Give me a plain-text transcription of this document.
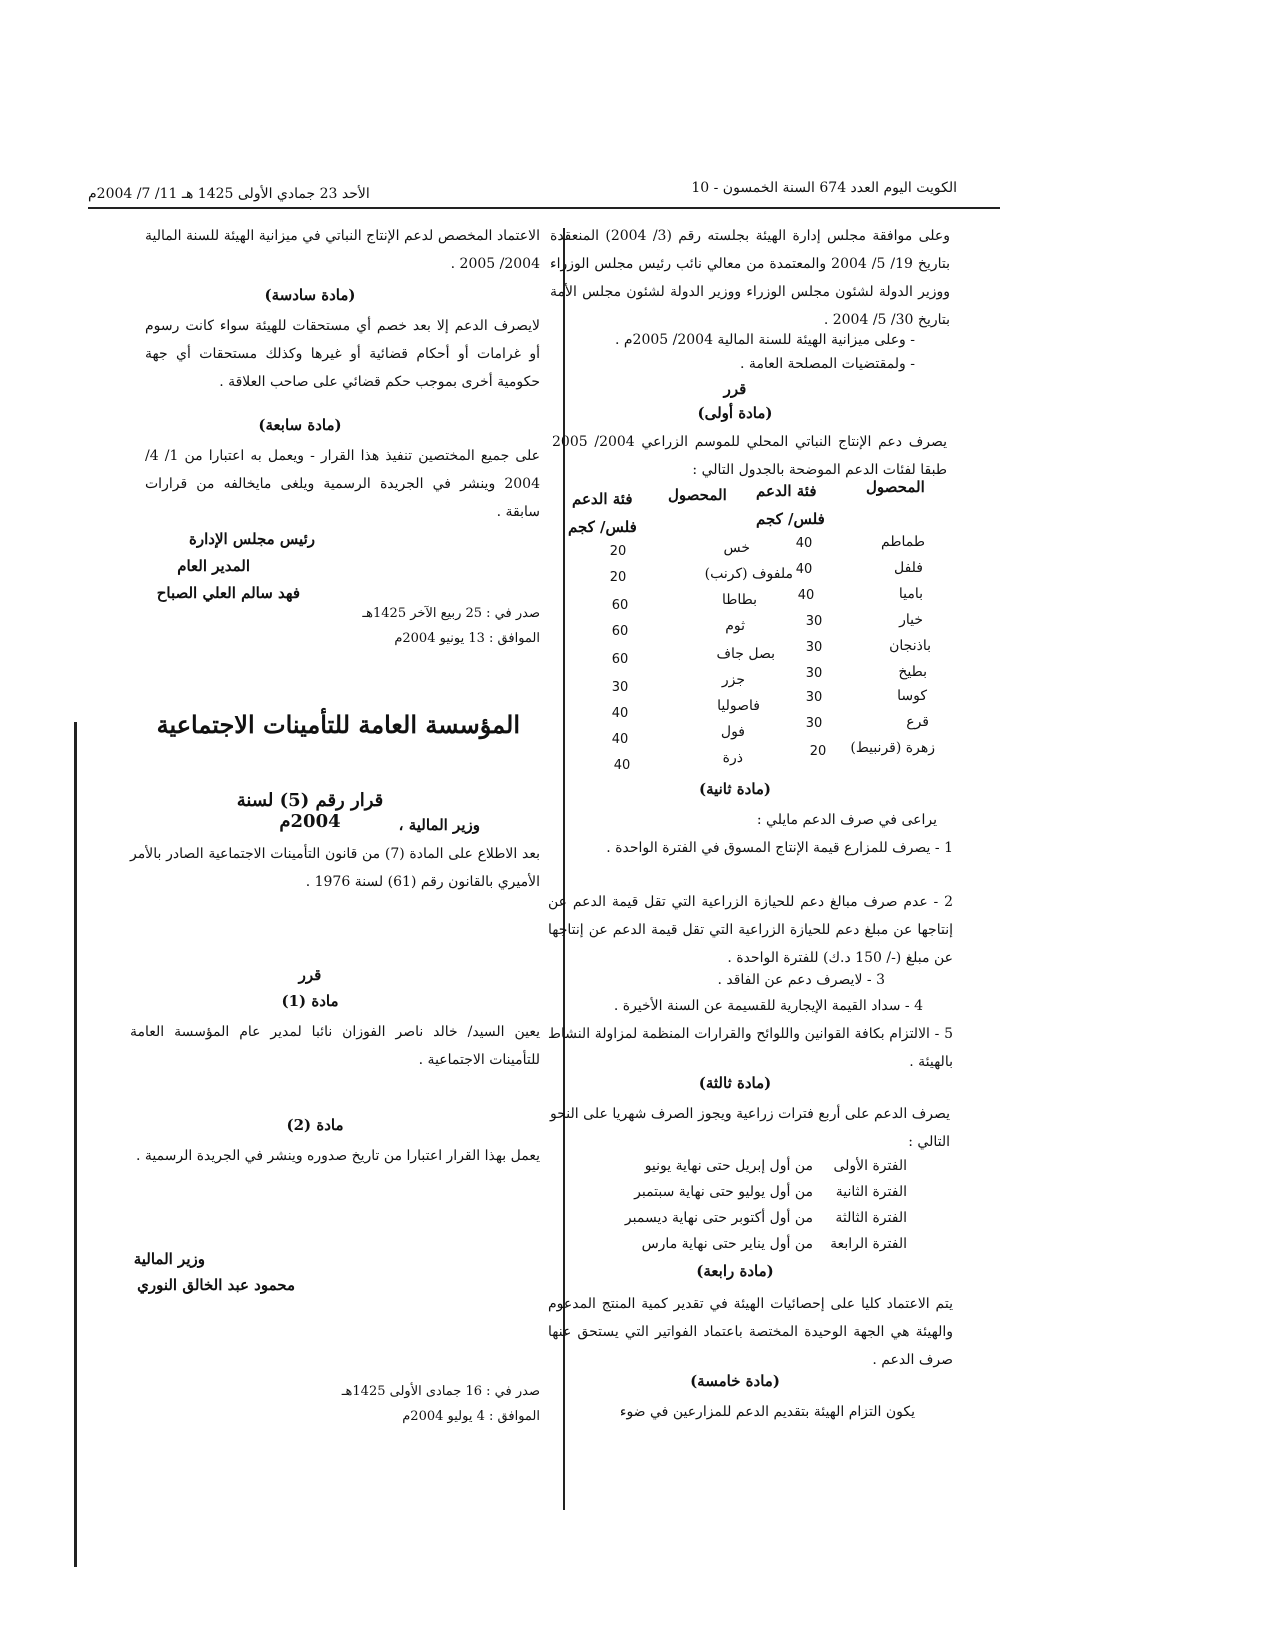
الكويت اليوم العدد 674 السنة الخمسون - 10
الأحد 23 جمادي الأولى 1425 هـ 11/ 7/ 2004م
وعلى موافقة مجلس إدارة الهيئة بجلسته رقم (3/ 2004) المنعقدة بتاريخ 19/ 5/ 2004 والمعتمدة من معالي نائب رئيس مجلس الوزراء ووزير الدولة لشئون مجلس الوزراء ووزير الدولة لشئون مجلس الأمة بتاريخ 30/ 5/ 2004 .
- وعلى ميزانية الهيئة للسنة المالية 2004/ 2005م .
- ولمقتضيات المصلحة العامة .
قرر
(مادة أولى)
يصرف دعم الإنتاج النباتي المحلي للموسم الزراعي 2004/ 2005 طبقا لفئات الدعم الموضحة بالجدول التالي :
المحصول
فئة الدعم
فلس/ كجم
المحصول
فئة الدعم
فلس/ كجم
طماطم
40
فلفل
40
باميا
40
خيار
30
باذنجان
30
بطيخ
30
كوسا
30
قرع
30
زهرة (قرنبيط)
20
خس
20
ملفوف (كرنب)
20
بطاطا
60
ثوم
60
بصل جاف
60
جزر
30
فاصوليا
40
فول
40
ذرة
40
(مادة ثانية)
يراعى في صرف الدعم مايلي :
1 - يصرف للمزارع قيمة الإنتاج المسوق في الفترة الواحدة .
2 - عدم صرف مبالغ دعم للحيازة الزراعية التي تقل قيمة الدعم عن إنتاجها عن مبلغ دعم للحيازة الزراعية التي تقل قيمة الدعم عن إنتاجها عن مبلغ (-/ 150 د.ك) للفترة الواحدة .
3 - لايصرف دعم عن الفاقد .
4 - سداد القيمة الإيجارية للقسيمة عن السنة الأخيرة .
5 - الالتزام بكافة القوانين واللوائح والقرارات المنظمة لمزاولة النشاط بالهيئة .
(مادة ثالثة)
يصرف الدعم على أربع فترات زراعية ويجوز الصرف شهريا على النحو التالي :
الفترة الأولى
من أول إبريل حتى نهاية يونيو
الفترة الثانية
من أول يوليو حتى نهاية سبتمبر
الفترة الثالثة
من أول أكتوبر حتى نهاية ديسمبر
الفترة الرابعة
من أول يناير حتى نهاية مارس
(مادة رابعة)
يتم الاعتماد كليا على إحصائيات الهيئة في تقدير كمية المنتج المدعوم والهيئة هي الجهة الوحيدة المختصة باعتماد الفواتير التي يستحق عنها صرف الدعم .
(مادة خامسة)
يكون التزام الهيئة بتقديم الدعم للمزارعين في ضوء
الاعتماد المخصص لدعم الإنتاج النباتي في ميزانية الهيئة للسنة المالية 2004/ 2005 .
(مادة سادسة)
لايصرف الدعم إلا بعد خصم أي مستحقات للهيئة سواء كانت رسوم أو غرامات أو أحكام قضائية أو غيرها وكذلك مستحقات أي جهة حكومية أخرى بموجب حكم قضائي على صاحب العلاقة .
(مادة سابعة)
على جميع المختصين تنفيذ هذا القرار - ويعمل به اعتبارا من 1/ 4/ 2004 وينشر في الجريدة الرسمية ويلغى مايخالفه من قرارات سابقة .
رئيس مجلس الإدارة
المدير العام
فهد سالم العلي الصباح
صدر في : 25 ربيع الآخر 1425هـ
الموافق : 13 يونيو 2004م
المؤسسة العامة للتأمينات الاجتماعية
قرار رقم (5) لسنة 2004م	وزير المالية ،
بعد الاطلاع على المادة (7) من قانون التأمينات الاجتماعية الصادر بالأمر الأميري بالقانون رقم (61) لسنة 1976 .
قرر
مادة (1)
يعين السيد/ خالد ناصر الفوزان نائبا لمدير عام المؤسسة العامة للتأمينات الاجتماعية .
مادة (2)
يعمل بهذا القرار اعتبارا من تاريخ صدوره وينشر في الجريدة الرسمية .
وزير المالية
محمود عبد الخالق النوري
صدر في : 16 جمادى الأولى 1425هـ
الموافق : 4 يوليو 2004م
